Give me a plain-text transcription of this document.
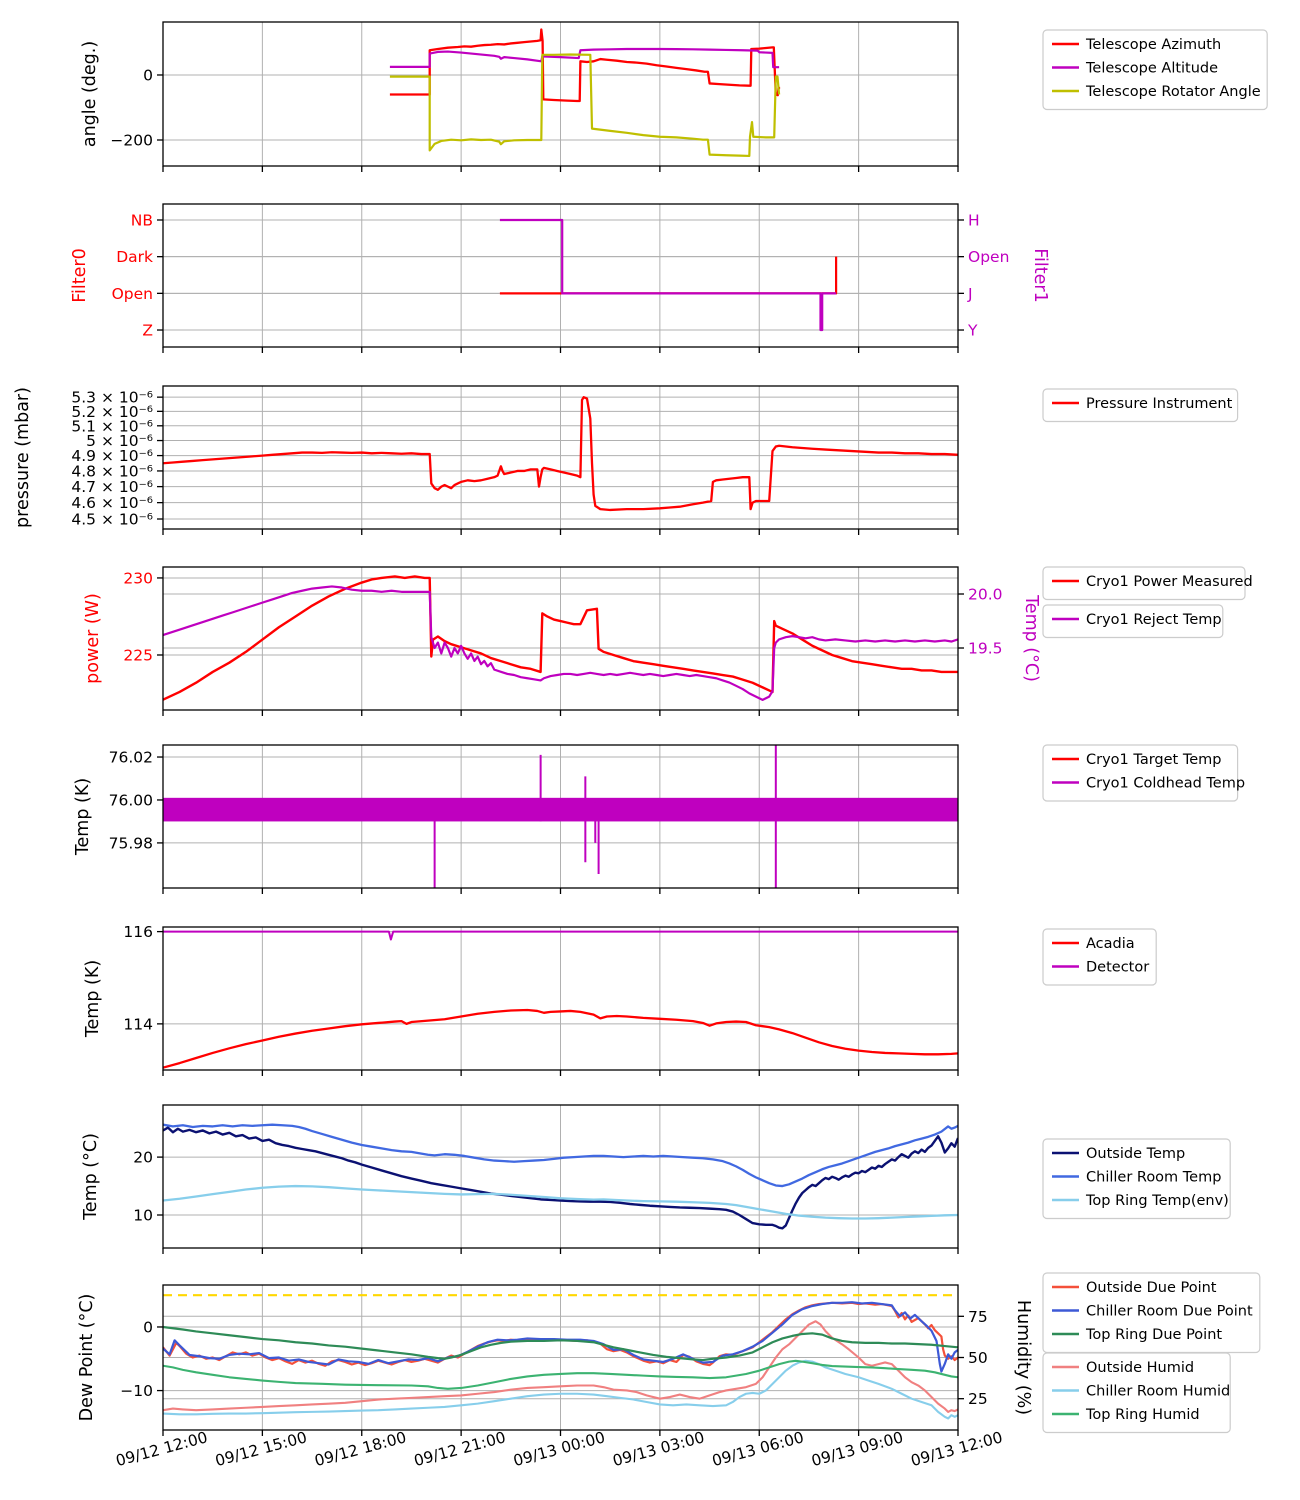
0
−200
angle (deg.)	Telescope Azimuth
Telescope Altitude
Telescope Rotator Angle
NB
Dark
Open
Z
H
Open
J
Y
Filter0	Filter1
5.3 × 10⁻⁶
5.2 × 10⁻⁶
5.1 × 10⁻⁶
5 × 10⁻⁶
4.9 × 10⁻⁶
4.8 × 10⁻⁶
4.7 × 10⁻⁶
4.6 × 10⁻⁶
4.5 × 10⁻⁶
pressure (mbar)	Pressure Instrument
230
225
20.0
19.5
power (W)	Temp (°C)
Cryo1 Power Measured
Cryo1 Reject Temp
76.02
76.00
75.98
Temp (K)
Cryo1 Target Temp
Cryo1 Coldhead Temp
116
114
Temp (K)
Acadia
Detector
20
10
Temp (°C)	Outside Temp
Chiller Room Temp
Top Ring Temp(env)
0
−10
75
50
25
Dew Point (°C)	Humidity (%)
Outside Due Point
Chiller Room Due Point
Top Ring Due Point
Outside Humid
Chiller Room Humid
Top Ring Humid
09/12 12:00 09/12 15:00 09/12 18:00 09/12 21:00 09/13 00:00 09/13 03:00 09/13 06:00 09/13 09:00 09/13 12:00
